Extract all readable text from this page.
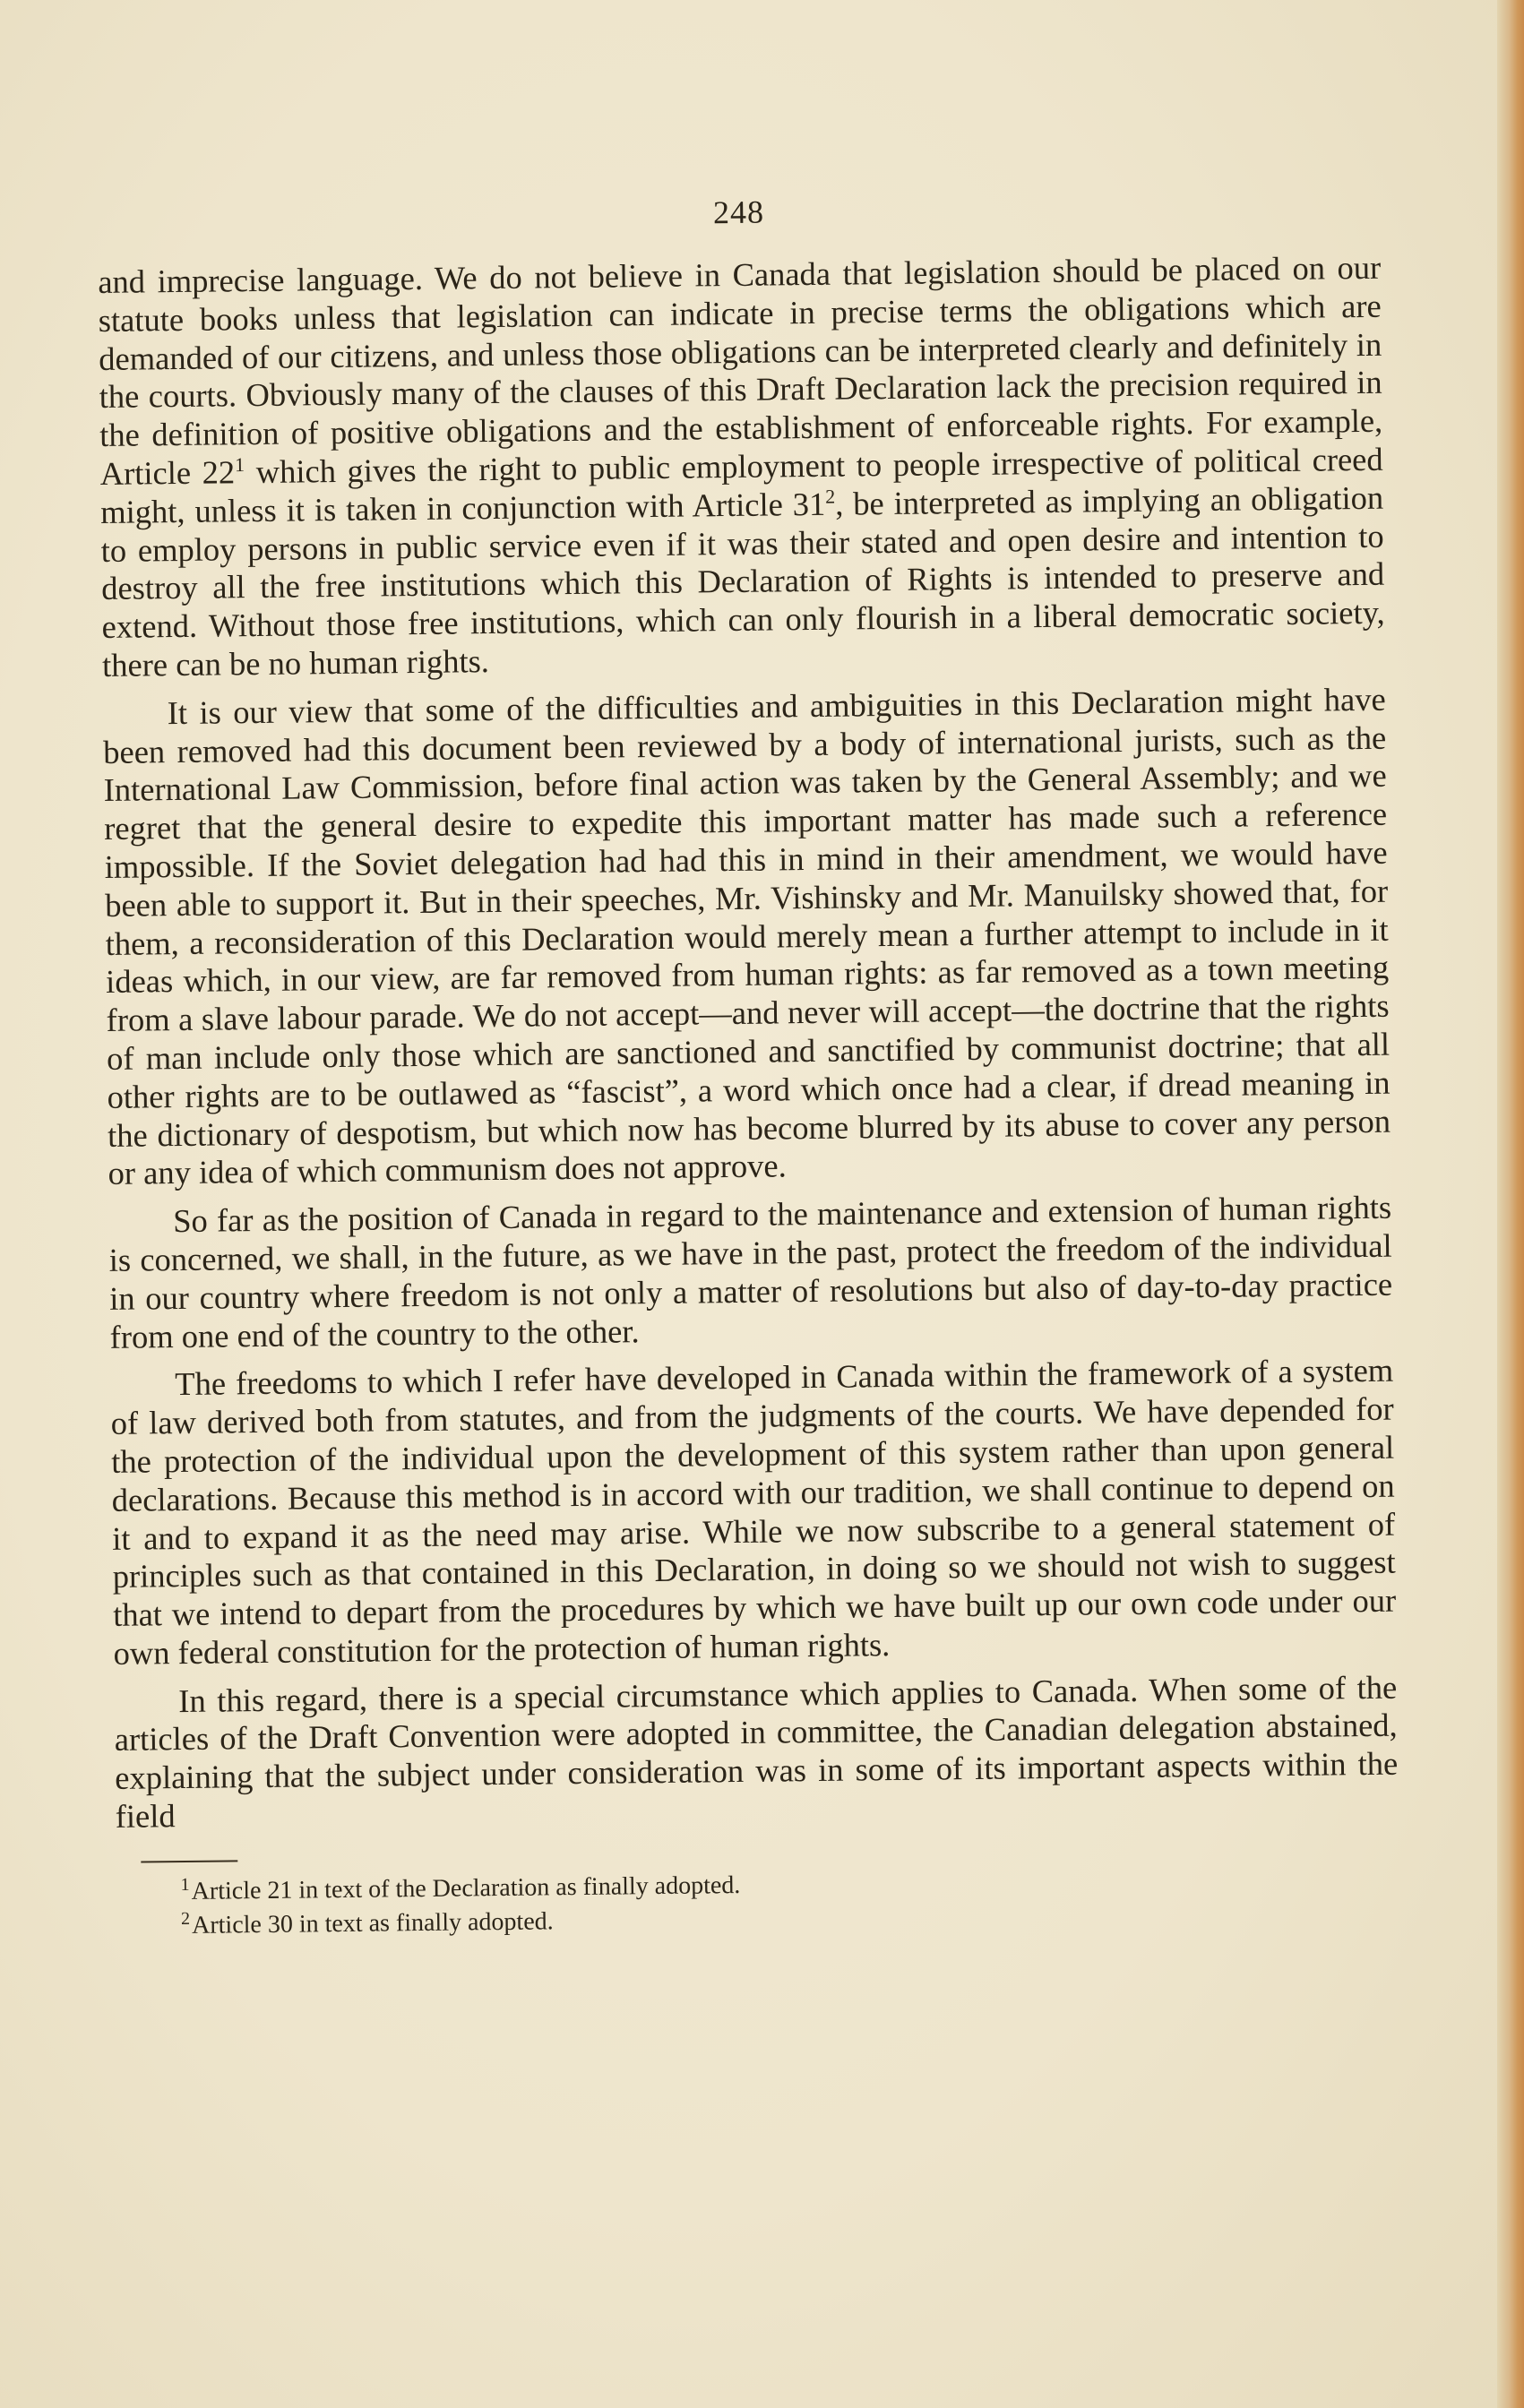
248

and imprecise language. We do not believe in Canada that legislation should be placed on our statute books unless that legislation can indicate in precise terms the obligations which are demanded of our citizens, and unless those obligations can be interpreted clearly and definitely in the courts. Obviously many of the clauses of this Draft Declaration lack the precision required in the definition of positive obligations and the establishment of enforceable rights. For example, Article $22^1$ which gives the right to public employment to people irrespective of political creed might, unless it is taken in conjunction with Article $31^2$, be interpreted as implying an obligation to employ persons in public service even if it was their stated and open desire and intention to destroy all the free institutions which this Declaration of Rights is intended to preserve and extend. Without those free institutions, which can only flourish in a liberal democratic society, there can be no human rights.

It is our view that some of the difficulties and ambiguities in this Declaration might have been removed had this document been reviewed by a body of international jurists, such as the International Law Commission, before final action was taken by the General Assembly; and we regret that the general desire to expedite this important matter has made such a reference impossible. If the Soviet delegation had had this in mind in their amendment, we would have been able to support it. But in their speeches, Mr. Vishinsky and Mr. Manuilsky showed that, for them, a reconsideration of this Declaration would merely mean a further attempt to include in it ideas which, in our view, are far removed from human rights: as far removed as a town meeting from a slave labour parade. We do not accept—and never will accept—the doctrine that the rights of man include only those which are sanctioned and sanctified by communist doctrine; that all other rights are to be outlawed as “fascist”, a word which once had a clear, if dread meaning in the dictionary of despotism, but which now has become blurred by its abuse to cover any person or any idea of which communism does not approve.

So far as the position of Canada in regard to the maintenance and extension of human rights is concerned, we shall, in the future, as we have in the past, protect the freedom of the individual in our country where freedom is not only a matter of resolutions but also of day-to-day practice from one end of the country to the other.

The freedoms to which I refer have developed in Canada within the framework of a system of law derived both from statutes, and from the judgments of the courts. We have depended for the protection of the individual upon the development of this system rather than upon general declarations. Because this method is in accord with our tradition, we shall continue to depend on it and to expand it as the need may arise. While we now subscribe to a general statement of principles such as that contained in this Declaration, in doing so we should not wish to suggest that we intend to depart from the procedures by which we have built up our own code under our own federal constitution for the protection of human rights.

In this regard, there is a special circumstance which applies to Canada. When some of the articles of the Draft Convention were adopted in committee, the Canadian delegation abstained, explaining that the subject under consideration was in some of its important aspects within the field

$^1$Article 21 in text of the Declaration as finally adopted.
$^2$Article 30 in text as finally adopted.
